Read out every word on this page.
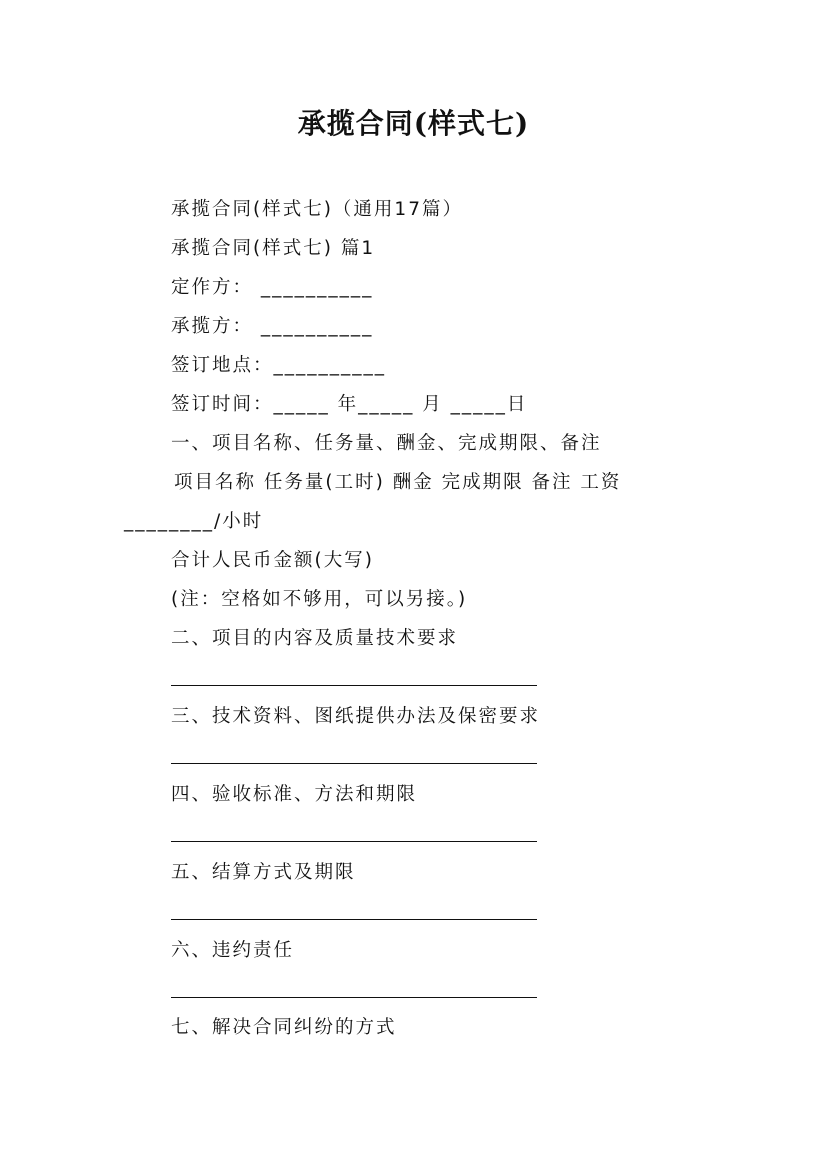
承揽合同(样式七)
承揽合同(样式七)（通用17篇）
承揽合同(样式七) 篇1
定作方： __________
承揽方： __________
签订地点：__________
签订时间：_____ 年_____ 月 _____日
一、项目名称、任务量、酬金、完成期限、备注
项目名称 任务量(工时) 酬金 完成期限 备注 工资
________/小时
合计人民币金额(大写)
(注：空格如不够用，可以另接。)
二、项目的内容及质量技术要求
三、技术资料、图纸提供办法及保密要求
四、验收标准、方法和期限
五、结算方式及期限
六、违约责任
七、解决合同纠纷的方式
